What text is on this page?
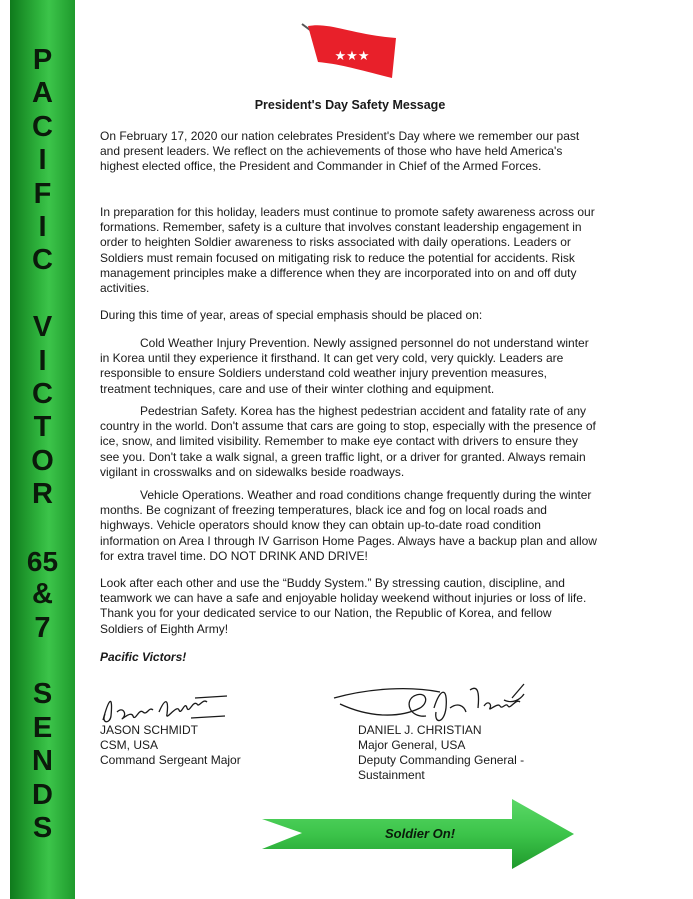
P
A
C
I
F
I
C
V
I
C
T
O
R
65
&
7
S
E
N
D
S
★★★
President's Day Safety Message

On February 17, 2020 our nation celebrates President's Day where we remember our past and present leaders. We reflect on the achievements of those who have held America's highest elected office, the President and Commander in Chief of the Armed Forces.

In preparation for this holiday, leaders must continue to promote safety awareness across our formations. Remember, safety is a culture that involves constant leadership engagement in order to heighten Soldier awareness to risks associated with daily operations. Leaders or Soldiers must remain focused on mitigating risk to reduce the potential for accidents. Risk management principles make a difference when they are incorporated into on and off duty activities.

During this time of year, areas of special emphasis should be placed on:

Cold Weather Injury Prevention. Newly assigned personnel do not understand winter in Korea until they experience it firsthand. It can get very cold, very quickly. Leaders are responsible to ensure Soldiers understand cold weather injury prevention measures, treatment techniques, care and use of their winter clothing and equipment.

Pedestrian Safety. Korea has the highest pedestrian accident and fatality rate of any country in the world. Don't assume that cars are going to stop, especially with the presence of ice, snow, and limited visibility. Remember to make eye contact with drivers to ensure they see you. Don't take a walk signal, a green traffic light, or a driver for granted. Always remain vigilant in crosswalks and on sidewalks beside roadways.

Vehicle Operations. Weather and road conditions change frequently during the winter months. Be cognizant of freezing temperatures, black ice and fog on local roads and highways. Vehicle operators should know they can obtain up-to-date road condition information on Area I through IV Garrison Home Pages. Always have a backup plan and allow for extra travel time. DO NOT DRINK AND DRIVE!

Look after each other and use the “Buddy System.” By stressing caution, discipline, and teamwork we can have a safe and enjoyable holiday weekend without injuries or loss of life. Thank you for your dedicated service to our Nation, the Republic of Korea, and fellow Soldiers of Eighth Army!

Pacific Victors!
JASON SCHMIDT
CSM, USA
Command Sergeant Major
DANIEL J. CHRISTIAN
Major General, USA
Deputy Commanding General -
Sustainment
Soldier On!
